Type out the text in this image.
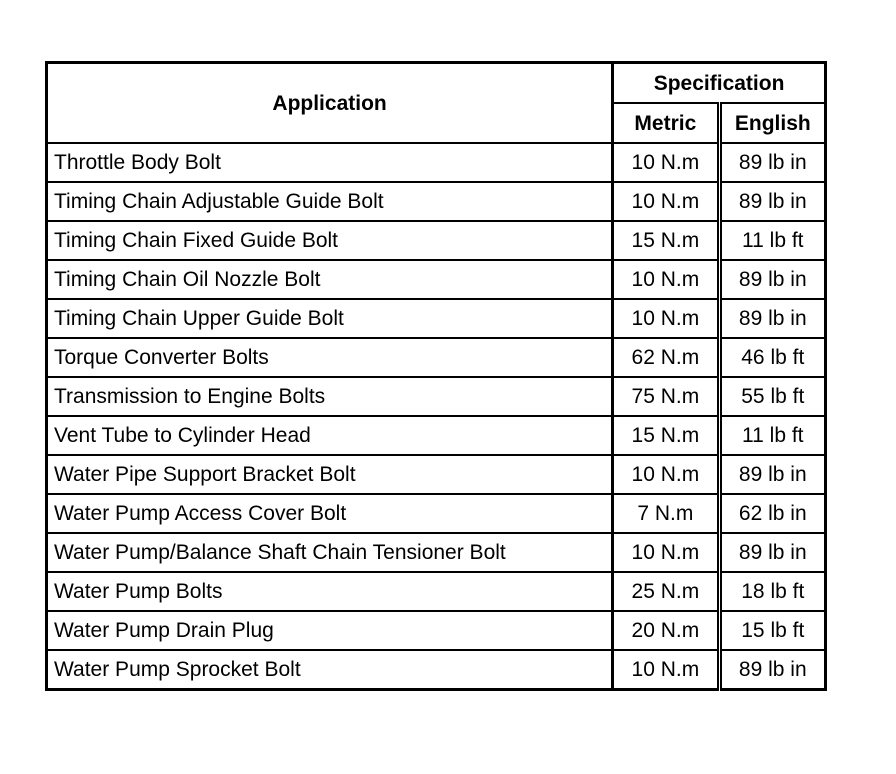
Application	Specification	
	Metric	English
Throttle Body Bolt	10 N.m	89 lb in
Timing Chain Adjustable Guide Bolt	10 N.m	89 lb in
Timing Chain Fixed Guide Bolt	15 N.m	11 lb ft
Timing Chain Oil Nozzle Bolt	10 N.m	89 lb in
Timing Chain Upper Guide Bolt	10 N.m	89 lb in
Torque Converter Bolts	62 N.m	46 lb ft
Transmission to Engine Bolts	75 N.m	55 lb ft
Vent Tube to Cylinder Head	15 N.m	11 lb ft
Water Pipe Support Bracket Bolt	10 N.m	89 lb in
Water Pump Access Cover Bolt	7 N.m	62 lb in
Water Pump/Balance Shaft Chain Tensioner Bolt	10 N.m	89 lb in
Water Pump Bolts	25 N.m	18 lb ft
Water Pump Drain Plug	20 N.m	15 lb ft
Water Pump Sprocket Bolt	10 N.m	89 lb in
